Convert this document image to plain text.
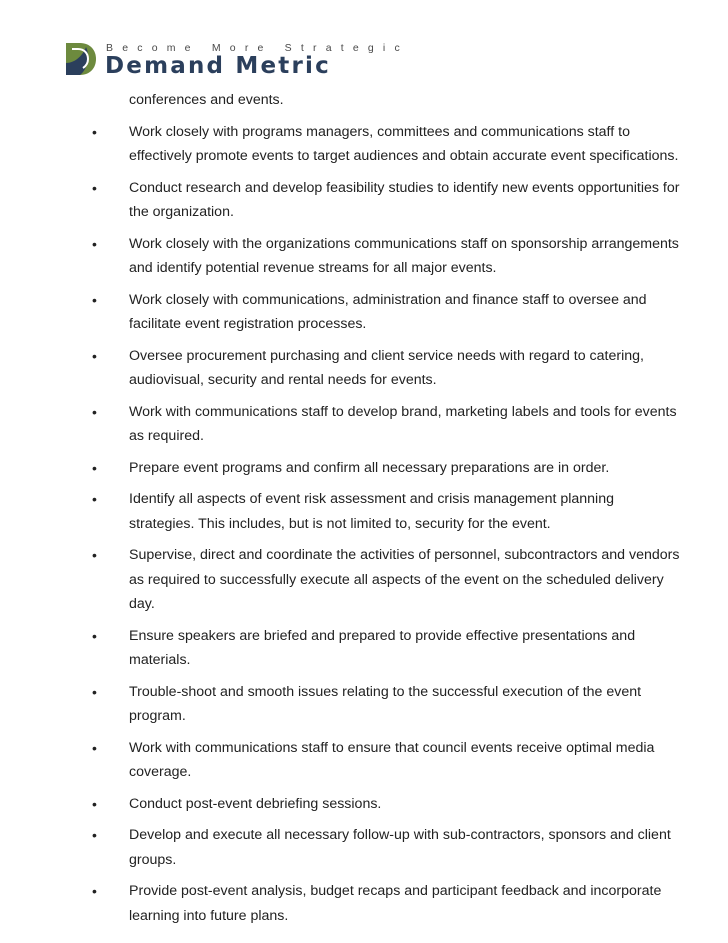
Become More Strategic
Demand Metric

conferences and events.

•	Work closely with programs managers, committees and communications staff to effectively promote events to target audiences and obtain accurate event specifications.
•	Conduct research and develop feasibility studies to identify new events opportunities for the organization.
•	Work closely with the organizations communications staff on sponsorship arrangements and identify potential revenue streams for all major events.
•	Work closely with communications, administration and finance staff to oversee and facilitate event registration processes.
•	Oversee procurement purchasing and client service needs with regard to catering, audiovisual, security and rental needs for events.
•	Work with communications staff to develop brand, marketing labels and tools for events as required.
•	Prepare event programs and confirm all necessary preparations are in order.
•	Identify all aspects of event risk assessment and crisis management planning strategies. This includes, but is not limited to, security for the event.
•	Supervise, direct and coordinate the activities of personnel, subcontractors and vendors as required to successfully execute all aspects of the event on the scheduled delivery day.
•	Ensure speakers are briefed and prepared to provide effective presentations and materials.
•	Trouble-shoot and smooth issues relating to the successful execution of the event program.
•	Work with communications staff to ensure that council events receive optimal media coverage.
•	Conduct post-event debriefing sessions.
•	Develop and execute all necessary follow-up with sub-contractors, sponsors and client groups.
•	Provide post-event analysis, budget recaps and participant feedback and incorporate learning into future plans.
